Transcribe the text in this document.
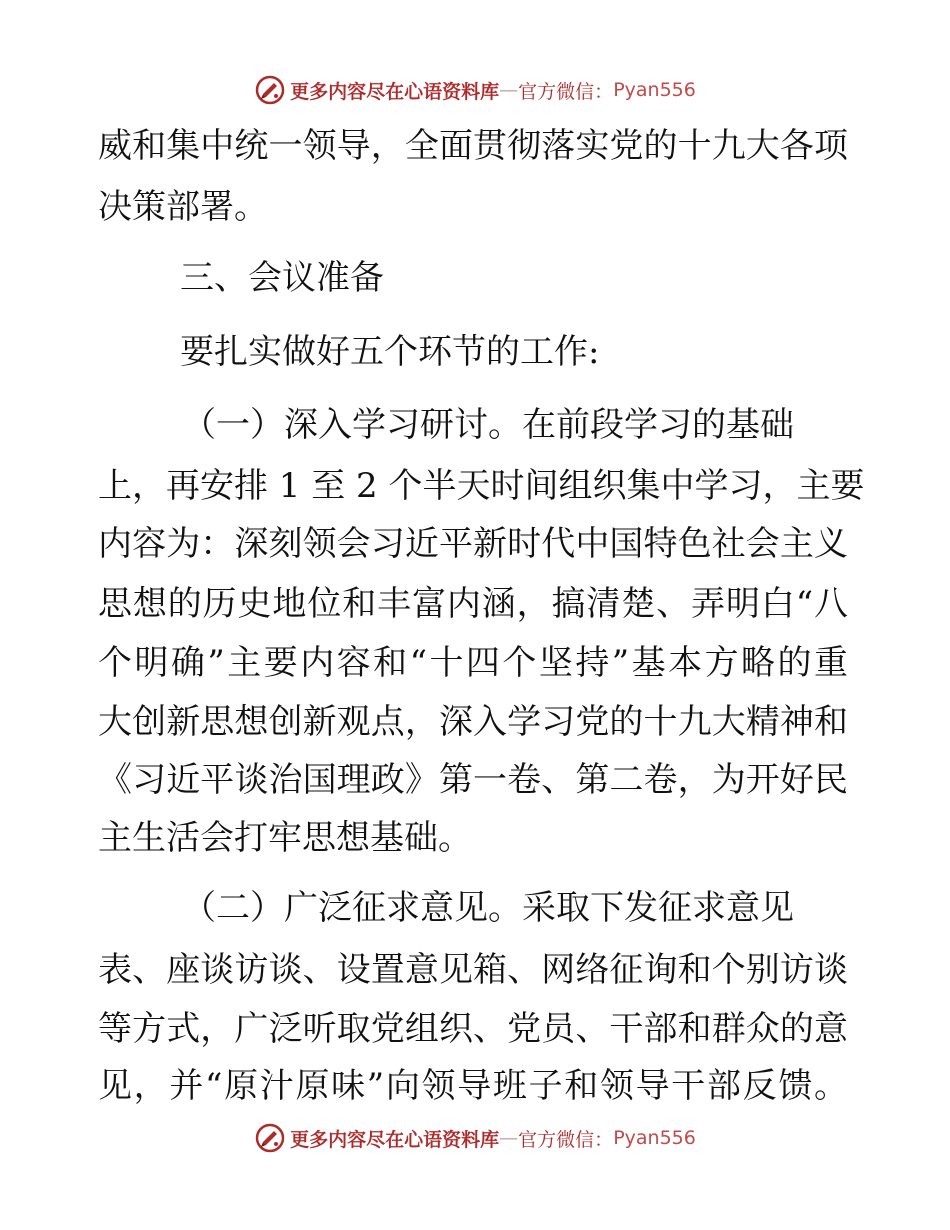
更多内容尽在心语资料库 — 官方微信： Pyan556
威和集中统一领导，全面贯彻落实党的十九大各项
决策部署。
三、会议准备
要扎实做好五个环节的工作:
（一）深入学习研讨。在前段学习的基础
上，再安排 1 至 2 个半天时间组织集中学习，主要
内容为：深刻领会习近平新时代中国特色社会主义
思想的历史地位和丰富内涵，搞清楚、弄明白“八
个明确”主要内容和“十四个坚持”基本方略的重
大创新思想创新观点，深入学习党的十九大精神和
《习近平谈治国理政》第一卷、第二卷，为开好民
主生活会打牢思想基础。
（二）广泛征求意见。采取下发征求意见
表、座谈访谈、设置意见箱、网络征询和个别访谈
等方式，广泛听取党组织、党员、干部和群众的意
见，并“原汁原味”向领导班子和领导干部反馈。
更多内容尽在心语资料库 — 官方微信： Pyan556
